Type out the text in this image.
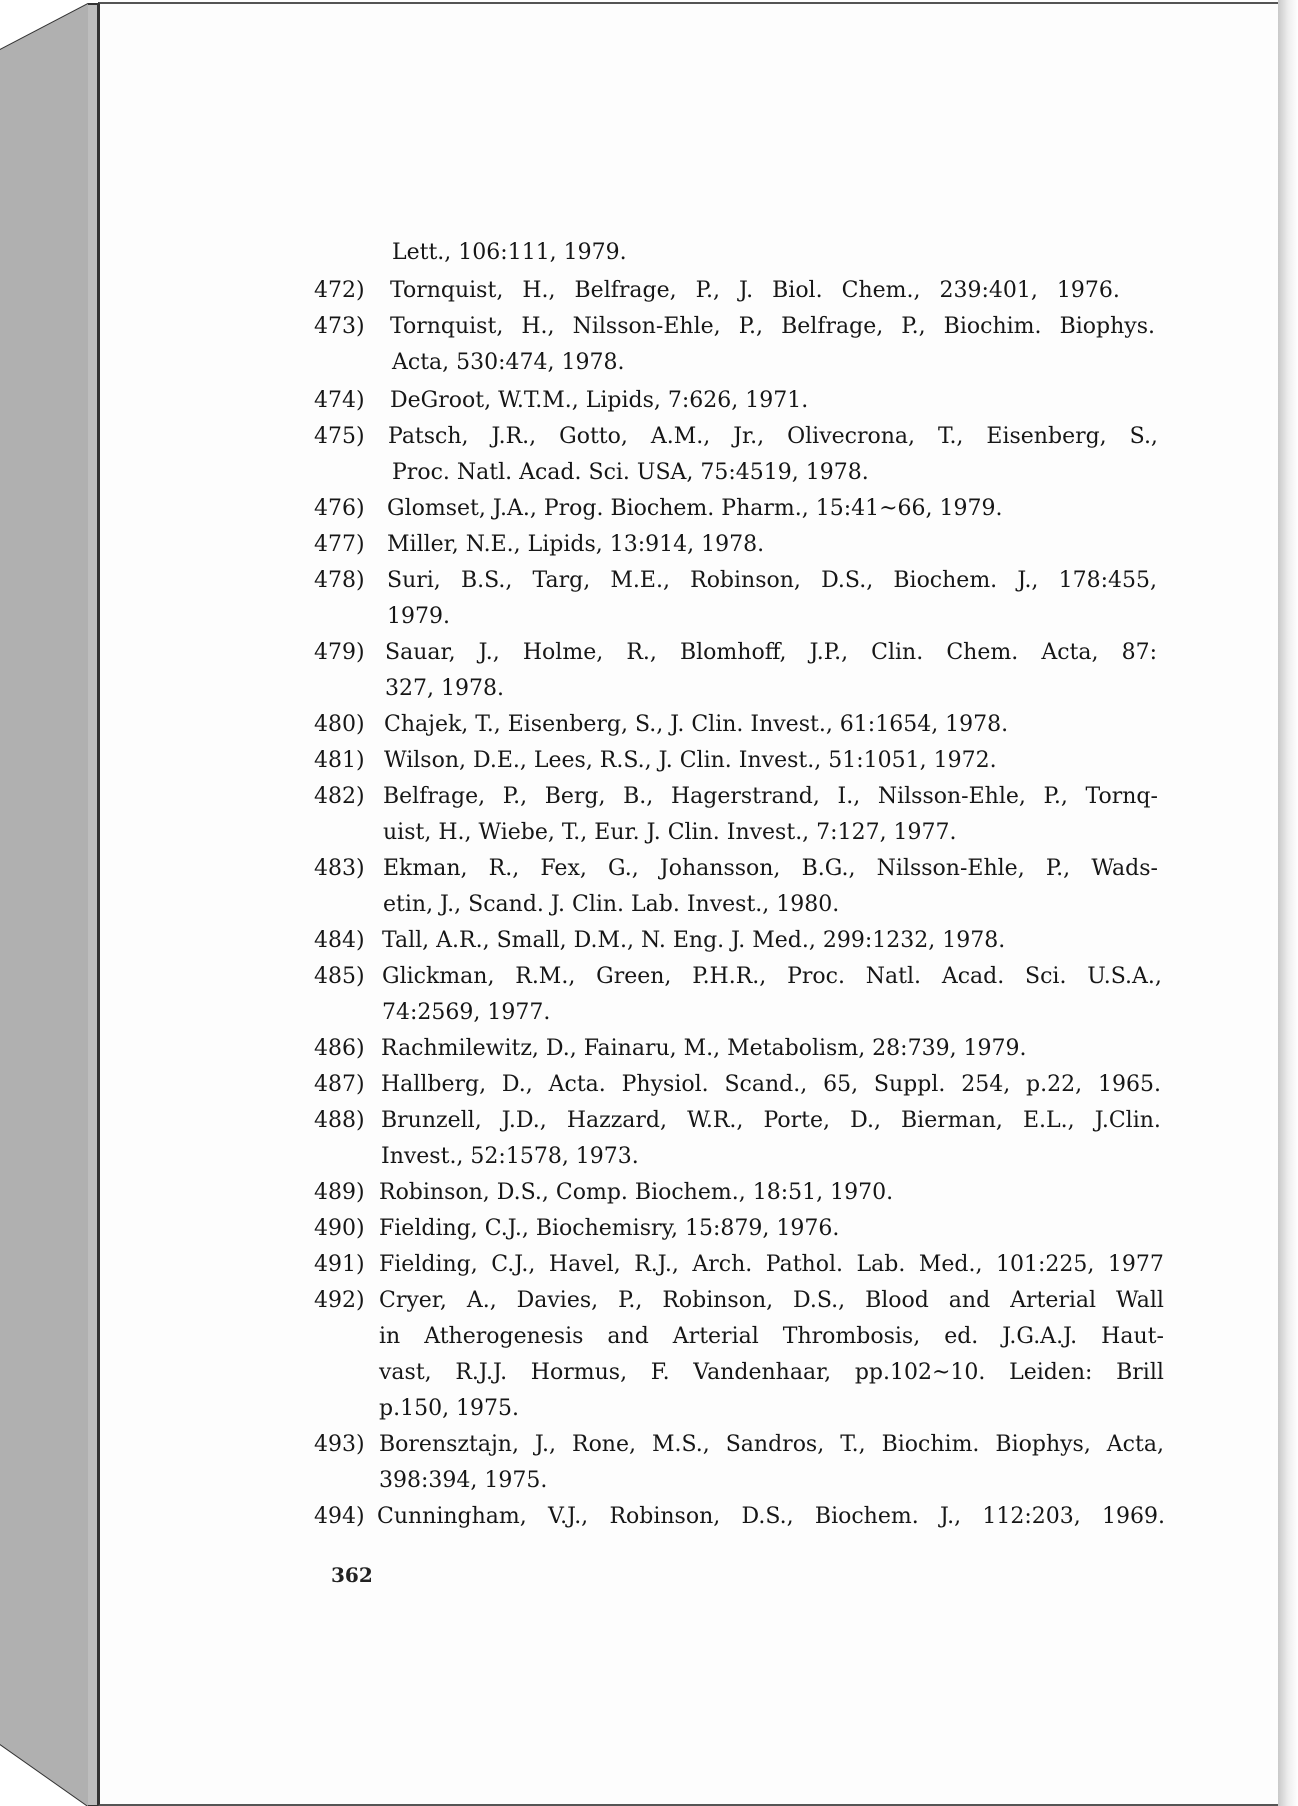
Lett., 106:111, 1979.
472) Tornquist, H., Belfrage, P., J. Biol. Chem., 239:401, 1976.
473) Tornquist, H., Nilsson-Ehle, P., Belfrage, P., Biochim. Biophys.
Acta, 530:474, 1978.
474) DeGroot, W.T.M., Lipids, 7:626, 1971.
475) Patsch, J.R., Gotto, A.M., Jr., Olivecrona, T., Eisenberg, S.,
Proc. Natl. Acad. Sci. USA, 75:4519, 1978.
476) Glomset, J.A., Prog. Biochem. Pharm., 15:41~66, 1979.
477) Miller, N.E., Lipids, 13:914, 1978.
478) Suri, B.S., Targ, M.E., Robinson, D.S., Biochem. J., 178:455,
1979.
479) Sauar, J., Holme, R., Blomhoff, J.P., Clin. Chem. Acta, 87:
327, 1978.
480) Chajek, T., Eisenberg, S., J. Clin. Invest., 61:1654, 1978.
481) Wilson, D.E., Lees, R.S., J. Clin. Invest., 51:1051, 1972.
482) Belfrage, P., Berg, B., Hagerstrand, I., Nilsson-Ehle, P., Tornq-
uist, H., Wiebe, T., Eur. J. Clin. Invest., 7:127, 1977.
483) Ekman, R., Fex, G., Johansson, B.G., Nilsson-Ehle, P., Wads-
etin, J., Scand. J. Clin. Lab. Invest., 1980.
484) Tall, A.R., Small, D.M., N. Eng. J. Med., 299:1232, 1978.
485) Glickman, R.M., Green, P.H.R., Proc. Natl. Acad. Sci. U.S.A.,
74:2569, 1977.
486) Rachmilewitz, D., Fainaru, M., Metabolism, 28:739, 1979.
487) Hallberg, D., Acta. Physiol. Scand., 65, Suppl. 254, p.22, 1965.
488) Brunzell, J.D., Hazzard, W.R., Porte, D., Bierman, E.L., J.Clin.
Invest., 52:1578, 1973.
489) Robinson, D.S., Comp. Biochem., 18:51, 1970.
490) Fielding, C.J., Biochemisry, 15:879, 1976.
491) Fielding, C.J., Havel, R.J., Arch. Pathol. Lab. Med., 101:225, 1977
492) Cryer, A., Davies, P., Robinson, D.S., Blood and Arterial Wall
in Atherogenesis and Arterial Thrombosis, ed. J.G.A.J. Haut-
vast, R.J.J. Hormus, F. Vandenhaar, pp.102~10. Leiden: Brill
p.150, 1975.
493) Borensztajn, J., Rone, M.S., Sandros, T., Biochim. Biophys, Acta,
398:394, 1975.
494) Cunningham, V.J., Robinson, D.S., Biochem. J., 112:203, 1969.
362
